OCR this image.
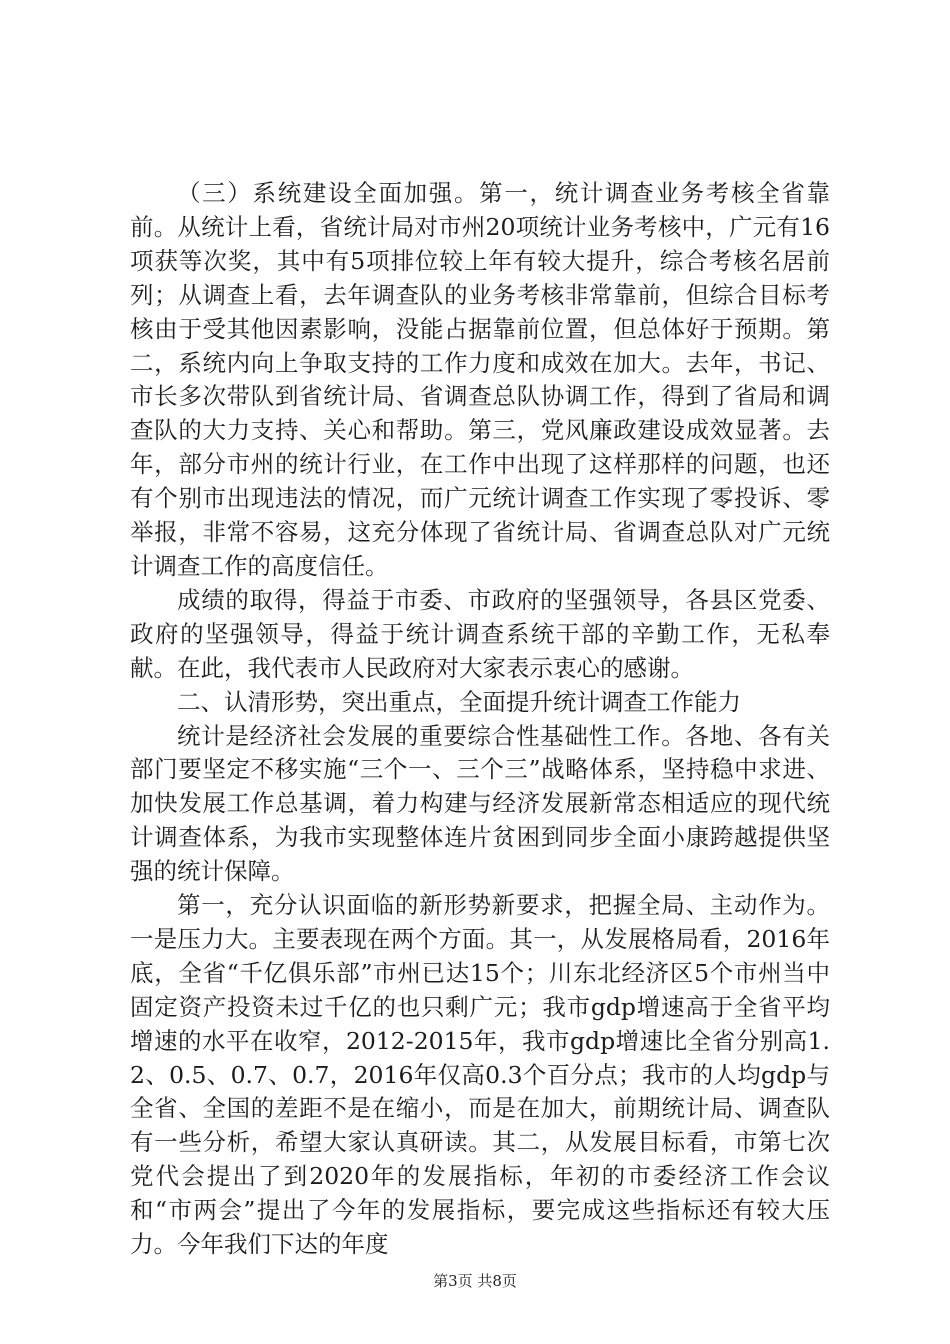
（三）系统建设全面加强。第一，统计调查业务考核全省靠前。从统计上看，省统计局对市州20项统计业务考核中，广元有16项获等次奖，其中有5项排位较上年有较大提升，综合考核名居前列；从调查上看，去年调查队的业务考核非常靠前，但综合目标考核由于受其他因素影响，没能占据靠前位置，但总体好于预期。第二，系统内向上争取支持的工作力度和成效在加大。去年，书记、市长多次带队到省统计局、省调查总队协调工作，得到了省局和调查队的大力支持、关心和帮助。第三，党风廉政建设成效显著。去年，部分市州的统计行业，在工作中出现了这样那样的问题，也还有个别市出现违法的情况，而广元统计调查工作实现了零投诉、零举报，非常不容易，这充分体现了省统计局、省调查总队对广元统计调查工作的高度信任。

成绩的取得，得益于市委、市政府的坚强领导，各县区党委、政府的坚强领导，得益于统计调查系统干部的辛勤工作，无私奉献。在此，我代表市人民政府对大家表示衷心的感谢。

二、认清形势，突出重点，全面提升统计调查工作能力

统计是经济社会发展的重要综合性基础性工作。各地、各有关部门要坚定不移实施“三个一、三个三”战略体系，坚持稳中求进、加快发展工作总基调，着力构建与经济发展新常态相适应的现代统计调查体系，为我市实现整体连片贫困到同步全面小康跨越提供坚强的统计保障。

第一，充分认识面临的新形势新要求，把握全局、主动作为。一是压力大。主要表现在两个方面。其一，从发展格局看，2016年底，全省“千亿俱乐部”市州已达15个；川东北经济区5个市州当中固定资产投资未过千亿的也只剩广元；我市gdp增速高于全省平均增速的水平在收窄，2012-2015年，我市gdp增速比全省分别高1.2、0.5、0.7、0.7，2016年仅高0.3个百分点；我市的人均gdp与全省、全国的差距不是在缩小，而是在加大，前期统计局、调查队有一些分析，希望大家认真研读。其二，从发展目标看，市第七次党代会提出了到2020年的发展指标，年初的市委经济工作会议和“市两会”提出了今年的发展指标，要完成这些指标还有较大压力。今年我们下达的年度

第3页 共8页
